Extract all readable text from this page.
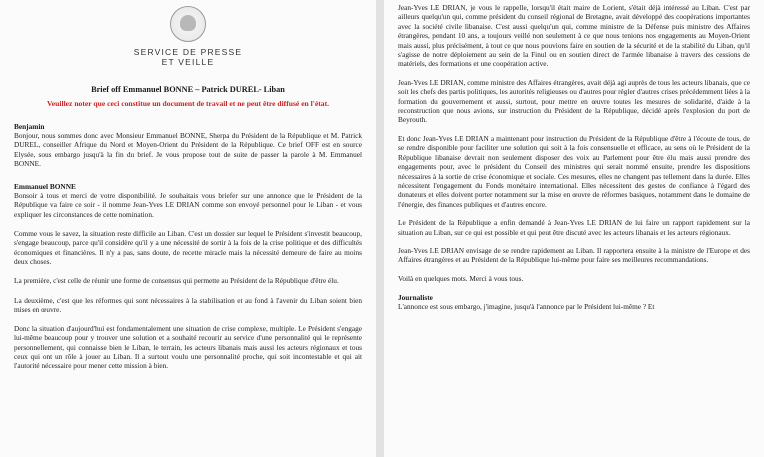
SERVICE DE PRESSE
ET VEILLE
Brief off Emmanuel BONNE – Patrick DUREL- Liban
Veuillez noter que ceci constitue un document de travail et ne peut être diffusé en l'état.
Benjamin

Bonjour, nous sommes donc avec Monsieur Emmanuel BONNE, Sherpa du Président de la République et M. Patrick DUREL, conseiller Afrique du Nord et Moyen-Orient du Président de la République. Ce brief OFF est en source Elysée, sous embargo jusqu'à la fin du brief. Je vous propose tout de suite de passer la parole à M. Emmanuel BONNE.

Emmanuel BONNE

Bonsoir à tous et merci de votre disponibilité. Je souhaitais vous briefer sur une annonce que le Président de la République va faire ce soir - il nomme Jean-Yves LE DRIAN comme son envoyé personnel pour le Liban - et vous expliquer les circonstances de cette nomination.

Comme vous le savez, la situation reste difficile au Liban. C'est un dossier sur lequel le Président s'investit beaucoup, s'engage beaucoup, parce qu'il considère qu'il y a une nécessité de sortir à la fois de la crise politique et des difficultés économiques et financières. Il n'y a pas, sans doute, de recette miracle mais la nécessité demeure de faire au moins deux choses.

La première, c'est celle de réunir une forme de consensus qui permette au Président de la République d'être élu.

La deuxième, c'est que les réformes qui sont nécessaires à la stabilisation et au fond à l'avenir du Liban soient bien mises en œuvre.

Donc la situation d'aujourd'hui est fondamentalement une situation de crise complexe, multiple. Le Président s'engage lui-même beaucoup pour y trouver une solution et a souhaité recourir au service d'une personnalité qui le représente personnellement, qui connaisse bien le Liban, le terrain, les acteurs libanais mais aussi les acteurs régionaux et tous ceux qui ont un rôle à jouer au Liban. Il a surtout voulu une personnalité proche, qui soit incontestable et qui ait l'autorité nécessaire pour mener cette mission à bien.

Jean-Yves LE DRIAN, je vous le rappelle, lorsqu'il était maire de Lorient, s'était déjà intéressé au Liban. C'est par ailleurs quelqu'un qui, comme président du conseil régional de Bretagne, avait développé des coopérations importantes avec la société civile libanaise. C'est aussi quelqu'un qui, comme ministre de la Défense puis ministre des Affaires étrangères, pendant 10 ans, a toujours veillé non seulement à ce que nous tenions nos engagements au Moyen-Orient mais aussi, plus précisément, à tout ce que nous pouvions faire en soutien de la sécurité et de la stabilité du Liban, qu'il s'agisse de notre déploiement au sein de la Finul ou en soutien direct de l'armée libanaise à travers des cessions de matériels, des formations et une coopération active.

Jean-Yves LE DRIAN, comme ministre des Affaires étrangères, avait déjà agi auprès de tous les acteurs libanais, que ce soit les chefs des partis politiques, les autorités religieuses ou d'autres pour régler d'autres crises précédemment liées à la formation du gouvernement et aussi, surtout, pour mettre en œuvre toutes les mesures de solidarité, d'aide à la reconstruction que nous avions, sur instruction du Président de la République, décidé après l'explosion du port de Beyrouth.

Et donc Jean-Yves LE DRIAN a maintenant pour instruction du Président de la République d'être à l'écoute de tous, de se rendre disponible pour faciliter une solution qui soit à la fois consensuelle et efficace, au sens où le Président de la République libanaise devrait non seulement disposer des voix au Parlement pour être élu mais aussi prendre des engagements pour, avec le président du Conseil des ministres qui serait nommé ensuite, prendre les dispositions nécessaires à la sortie de crise économique et sociale. Ces mesures, elles ne changent pas tellement dans la durée. Elles nécessitent l'engagement du Fonds monétaire international. Elles nécessitent des gestes de confiance à l'égard des donateurs et elles doivent porter notamment sur la mise en œuvre de réformes basiques, notamment dans le domaine de l'énergie, des finances publiques et d'autres encore.

Le Président de la République a enfin demandé à Jean-Yves LE DRIAN de lui faire un rapport rapidement sur la situation au Liban, sur ce qui est possible et qui peut être discuté avec les acteurs libanais et les acteurs régionaux.

Jean-Yves LE DRIAN envisage de se rendre rapidement au Liban. Il rapportera ensuite à la ministre de l'Europe et des Affaires étrangères et au Président de la République lui-même pour faire ses meilleures recommandations.

Voilà en quelques mots. Merci à vous tous.

Journaliste

L'annonce est sous embargo, j'imagine, jusqu'à l'annonce par le Président lui-même ? Et
